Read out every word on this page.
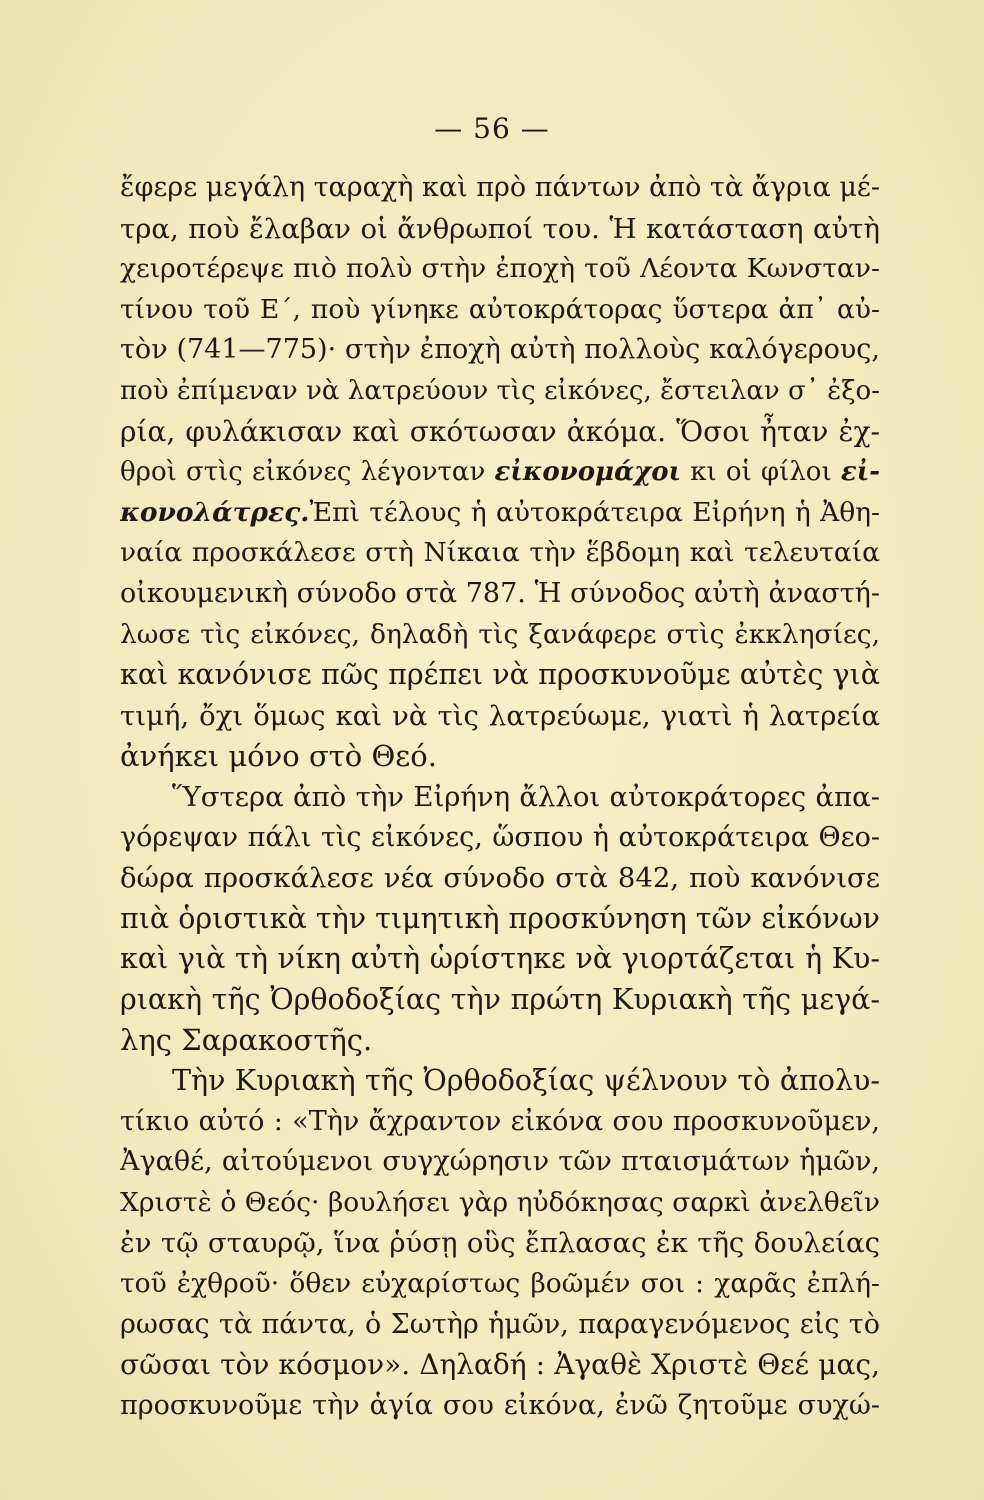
— 56 —
ἔφερε μεγάλη ταραχὴ καὶ πρὸ πάντων ἀπὸ τὰ ἄγρια μέ-
τρα, ποὺ ἔλαβαν οἱ ἄνθρωποί του. Ἡ κατάσταση αὐτὴ
χειροτέρεψε πιὸ πολὺ στὴν ἐποχὴ τοῦ Λέοντα Κωνσταν-
τίνου τοῦ Ε΄, ποὺ γίνηκε αὐτοκράτορας ὕστερα ἀπ᾽ αὐ-
τὸν (741—775)· στὴν ἐποχὴ αὐτὴ πολλοὺς καλόγερους,
ποὺ ἐπίμεναν νὰ λατρεύουν τὶς εἰκόνες, ἔστειλαν σ᾽ ἐξο-
ρία, φυλάκισαν καὶ σκότωσαν ἀκόμα. Ὅσοι ἦταν ἐχ-
θροὶ στὶς εἰκόνες λέγονταν εἰκονομάχοι κι οἱ φίλοι εἰ-
κονολάτρες.Ἐπὶ τέλους ἡ αὐτοκράτειρα Εἰρήνη ἡ Ἀθη-
ναία προσκάλεσε στὴ Νίκαια τὴν ἕβδομη καὶ τελευταία
οἰκουμενικὴ σύνοδο στὰ 787. Ἡ σύνοδος αὐτὴ ἀναστή-
λωσε τὶς εἰκόνες, δηλαδὴ τὶς ξανάφερε στὶς ἐκκλησίες,
καὶ κανόνισε πῶς πρέπει νὰ προσκυνοῦμε αὐτὲς γιὰ
τιμή, ὄχι ὅμως καὶ νὰ τὶς λατρεύωμε, γιατὶ ἡ λατρεία
ἀνήκει μόνο στὸ Θεό.
Ὕστερα ἀπὸ τὴν Εἰρήνη ἄλλοι αὐτοκράτορες ἀπα-
γόρεψαν πάλι τὶς εἰκόνες, ὥσπου ἡ αὐτοκράτειρα Θεο-
δώρα προσκάλεσε νέα σύνοδο στὰ 842, ποὺ κανόνισε
πιὰ ὁριστικὰ τὴν τιμητικὴ προσκύνηση τῶν εἰκόνων
καὶ γιὰ τὴ νίκη αὐτὴ ὡρίστηκε νὰ γιορτάζεται ἡ Κυ-
ριακὴ τῆς Ὀρθοδοξίας τὴν πρώτη Κυριακὴ τῆς μεγά-
λης Σαρακοστῆς.
Τὴν Κυριακὴ τῆς Ὀρθοδοξίας ψέλνουν τὸ ἀπολυ-
τίκιο αὐτό : «Τὴν ἄχραντον εἰκόνα σου προσκυνοῦμεν,
Ἀγαθέ, αἰτούμενοι συγχώρησιν τῶν πταισμάτων ἡμῶν,
Χριστὲ ὁ Θεός· βουλήσει γὰρ ηὐδόκησας σαρκὶ ἀνελθεῖν
ἐν τῷ σταυρῷ, ἵνα ῥύσῃ οὓς ἔπλασας ἐκ τῆς δουλείας
τοῦ ἐχθροῦ· ὅθεν εὐχαρίστως βοῶμέν σοι : χαρᾶς ἐπλή-
ρωσας τὰ πάντα, ὁ Σωτὴρ ἡμῶν, παραγενόμενος εἰς τὸ
σῶσαι τὸν κόσμον». Δηλαδή : Ἀγαθὲ Χριστὲ Θεέ μας,
προσκυνοῦμε τὴν ἁγία σου εἰκόνα, ἐνῶ ζητοῦμε συχώ-
